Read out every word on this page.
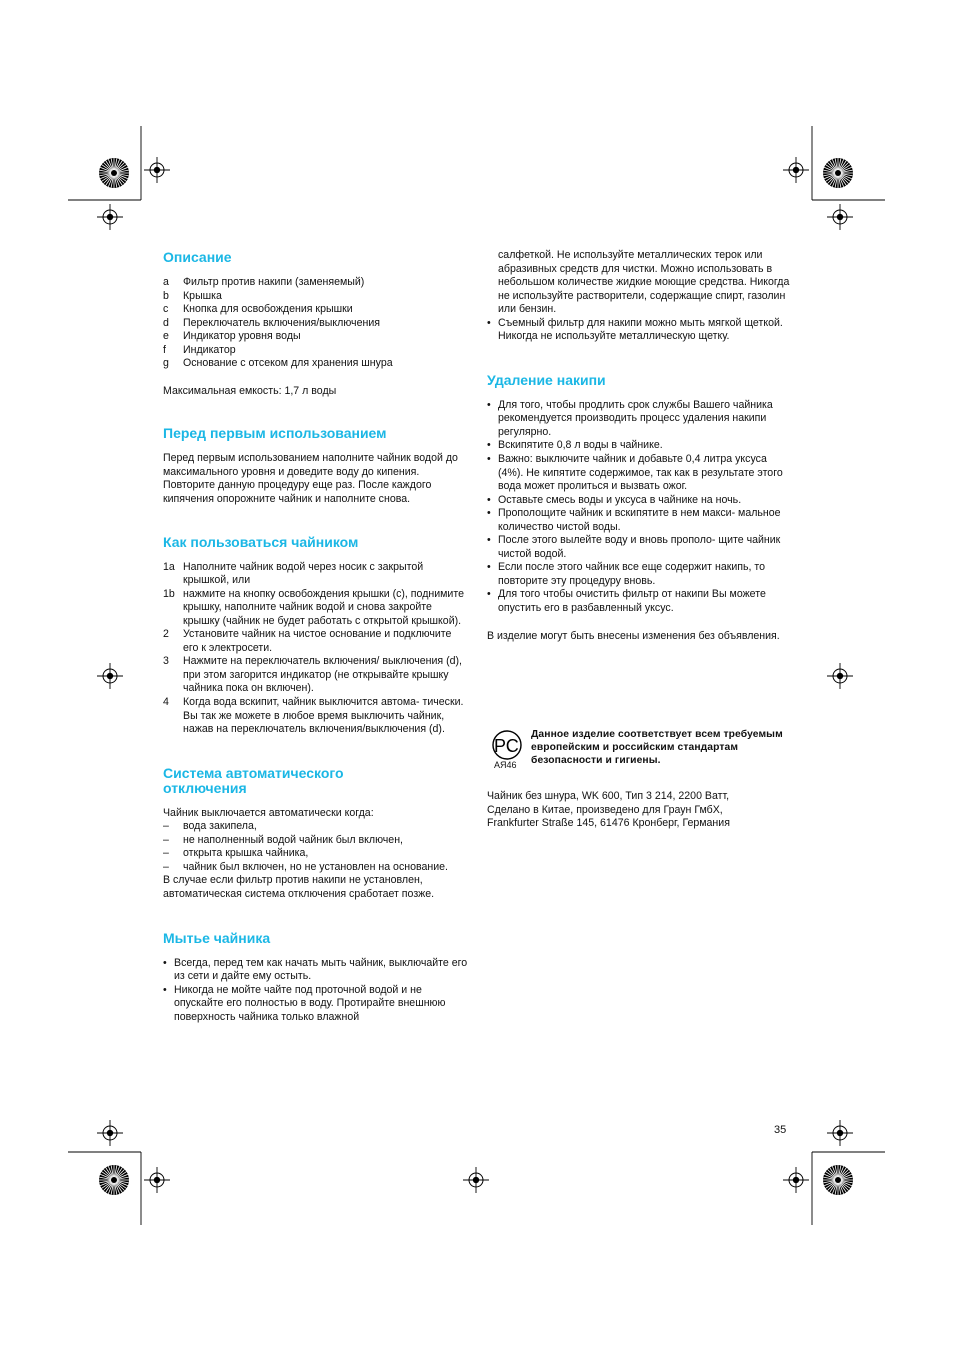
Описание
a	Фильтр против накипи (заменяемый)
b	Крышка
c	Кнопка для освобождения крышки
d	Переключатель включения/выключения
e	Индикатор уровня воды
f	Индикатор
g	Основание с отсеком для хранения шнура

Максимальная емкость: 1,7 л воды

Перед первым использованием

Перед первым использованием наполните чайник водой до максимального уровня и доведите воду до кипения. Повторите данную процедуру еще раз. После каждого кипячения опорожните чайник и наполните снова.

Как пользоваться чайником
1a Наполните чайник водой через носик с закрытой крышкой, или
1b нажмите на кнопку освобождения крышки (c), поднимите крышку, наполните чайник водой и снова закройте крышку (чайник не будет работать с открытой крышкой).
2	Установите чайник на чистое основание и подключите его к электросети.
3	Нажмите на переключатель включения/ выключения (d), при этом загорится индикатор (не открывайте крышку чайника пока он включен).
4	Когда вода вскипит, чайник выключится автома- тически. Вы так же можете в любое время выключить чайник, нажав на переключатель включения/выключения (d).
Система автоматического
отключения

Чайник выключается автоматически когда:

–	вода закипела,
–	не наполненный водой чайник был включен,
–	открыта крышка чайника,
–	чайник был включен, но не установлен на основание.

В случае если фильтр против накипи не установлен, автоматическая система отключения сработает позже.

Мытье чайника
• Всегда, перед тем как начать мыть чайник, выключайте его из сети и дайте ему остыть.
• Никогда не мойте чайте под проточной водой и не опускайте его полностью в воду. Протирайте внешнюю поверхность чайника только влажной

салфеткой. Не используйте металлических терок или абразивных средств для чистки. Можно использовать в небольшом количестве жидкие моющие средства. Никогда не используйте растворители, содержащие спирт, газолин или бензин.

• Съемный фильтр для накипи можно мыть мягкой щеткой. Никогда не используйте металлическую щетку.
Удаление накипи
• Для того, чтобы продлить срок службы Вашего чайника рекомендуется производить процесс удаления накипи регулярно.
• Вскипятите 0,8 л воды в чайнике.
• Важно: выключите чайник и добавьте 0,4 литра уксуса (4%). Не кипятите содержимое, так как в результате этого вода может пролиться и вызвать ожог.
• Оставьте смесь воды и уксуса в чайнике на ночь.
• Прополощите чайник и вскипятите в нем макси- мальное количество чистой воды.
• После этого вылейте воду и вновь прополо- щите чайник чистой водой.
• Если после этого чайник все еще содержит накипь, то повторите эту процедуру вновь.
• Для того чтобы очистить фильтр от накипи Вы можете опустить его в разбавленный уксус.

В изделие могут быть внесены изменения без объявления.

РС
АЯ46
Данное изделие соответствует всем требуемым европейским и российским стандартам безопасности и гигиены.
Чайник без шнура, WK 600, Тип 3 214, 2200 Ватт,
Сделано в Китае, произведено для Граун ГмбХ,
Frankfurter Straße 145, 61476 Кронберг, Германия
35
